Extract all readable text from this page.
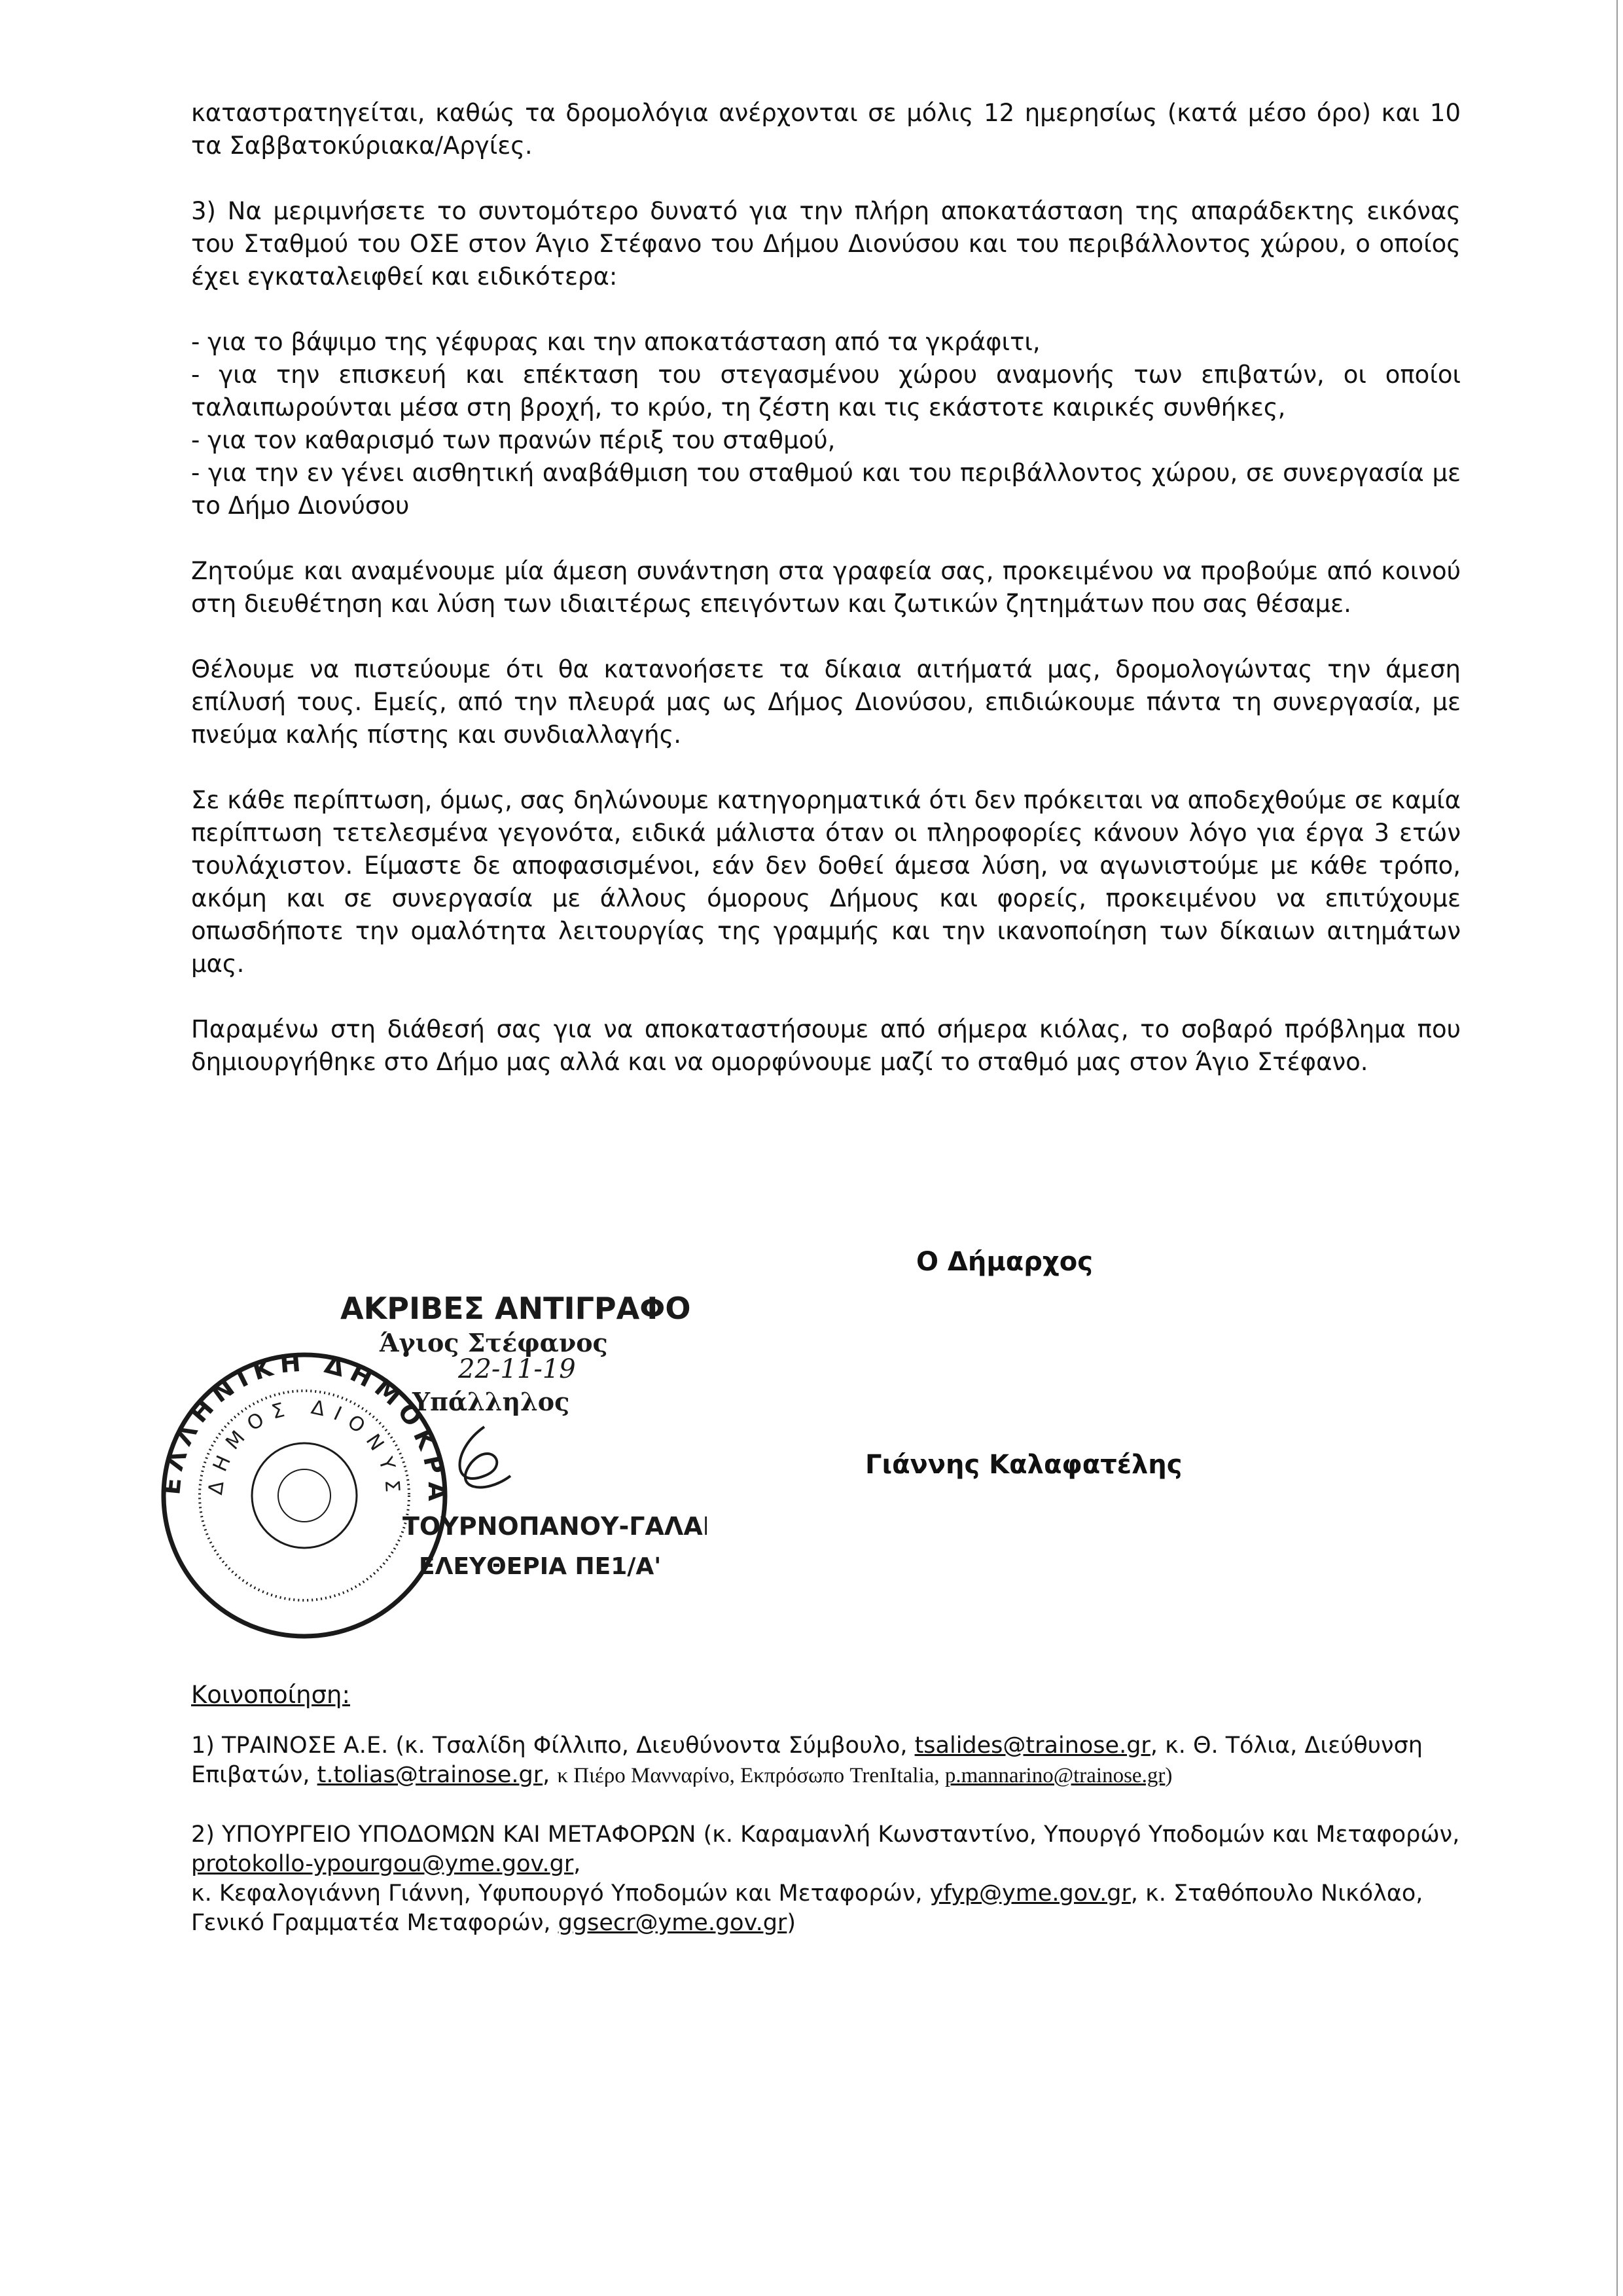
καταστρατηγείται, καθώς τα δρομολόγια ανέρχονται σε μόλις 12 ημερησίως (κατά μέσο όρο) και 10 τα Σαββατοκύριακα/Αργίες.

3) Να μεριμνήσετε το συντομότερο δυνατό για την πλήρη αποκατάσταση της απαράδεκτης εικόνας του Σταθμού του ΟΣΕ στον Άγιο Στέφανο του Δήμου Διονύσου και του περιβάλλοντος χώρου, ο οποίος έχει εγκαταλειφθεί και ειδικότερα:

- για το βάψιμο της γέφυρας και την αποκατάσταση από τα γκράφιτι,

- για την επισκευή και επέκταση του στεγασμένου χώρου αναμονής των επιβατών, οι οποίοι ταλαιπωρούνται μέσα στη βροχή, το κρύο, τη ζέστη και τις εκάστοτε καιρικές συνθήκες,

- για τον καθαρισμό των πρανών πέριξ του σταθμού,

- για την εν γένει αισθητική αναβάθμιση του σταθμού και του περιβάλλοντος χώρου, σε συνεργασία με το Δήμο Διονύσου

Ζητούμε και αναμένουμε μία άμεση συνάντηση στα γραφεία σας, προκειμένου να προβούμε από κοινού στη διευθέτηση και λύση των ιδιαιτέρως επειγόντων και ζωτικών ζητημάτων που σας θέσαμε.

Θέλουμε να πιστεύουμε ότι θα κατανοήσετε τα δίκαια αιτήματά μας, δρομολογώντας την άμεση επίλυσή τους. Εμείς, από την πλευρά μας ως Δήμος Διονύσου, επιδιώκουμε πάντα τη συνεργασία, με πνεύμα καλής πίστης και συνδιαλλαγής.

Σε κάθε περίπτωση, όμως, σας δηλώνουμε κατηγορηματικά ότι δεν πρόκειται να αποδεχθούμε σε καμία περίπτωση τετελεσμένα γεγονότα, ειδικά μάλιστα όταν οι πληροφορίες κάνουν λόγο για έργα 3 ετών τουλάχιστον. Είμαστε δε αποφασισμένοι, εάν δεν δοθεί άμεσα λύση, να αγωνιστούμε με κάθε τρόπο, ακόμη και σε συνεργασία με άλλους όμορους Δήμους και φορείς, προκειμένου να επιτύχουμε οπωσδήποτε την ομαλότητα λειτουργίας της γραμμής και την ικανοποίηση των δίκαιων αιτημάτων μας.

Παραμένω στη διάθεσή σας για να αποκαταστήσουμε από σήμερα κιόλας, το σοβαρό πρόβλημα που δημιουργήθηκε στο Δήμο μας αλλά και να ομορφύνουμε μαζί το σταθμό μας στον Άγιο Στέφανο.

Ο Δήμαρχος
Γιάννης Καλαφατέλης
ΕΛΛΗΝΙΚΗ ΔΗΜΟΚΡΑ
ΔΗΜΟΣ ΔΙΟΝΥΣ
ΑΚΡΙΒΕΣ ΑΝΤΙΓΡΑΦΟ
Άγιος Στέφανος
22-11-19
Υπάλληλος
ΤΟΥΡΝΟΠΑΝΟΥ-ΓΑΛΑ
ΕΛΕΥΘΕΡΙΑ ΠΕ1/Α'
Κοινοποίηση:

1) ΤΡΑΙΝΟΣΕ Α.Ε. (κ. Τσαλίδη Φίλλιπο, Διευθύνοντα Σύμβουλο, tsalides@trainose.gr, κ. Θ. Τόλια, Διεύθυνση Επιβατών, t.tolias@trainose.gr, κ Πιέρο Μανναρίνο, Εκπρόσωπο TrenItalia, p.mannarino@trainose.gr)

2) ΥΠΟΥΡΓΕΙΟ ΥΠΟΔΟΜΩΝ ΚΑΙ ΜΕΤΑΦΟΡΩΝ (κ. Καραμανλή Κωνσταντίνο, Υπουργό Υποδομών και Μεταφορών, protokollo-ypourgou@yme.gov.gr,
κ. Κεφαλογιάννη Γιάννη, Υφυπουργό Υποδομών και Μεταφορών, yfyp@yme.gov.gr, κ. Σταθόπουλο Νικόλαο, Γενικό Γραμματέα Μεταφορών, ggsecr@yme.gov.gr)
